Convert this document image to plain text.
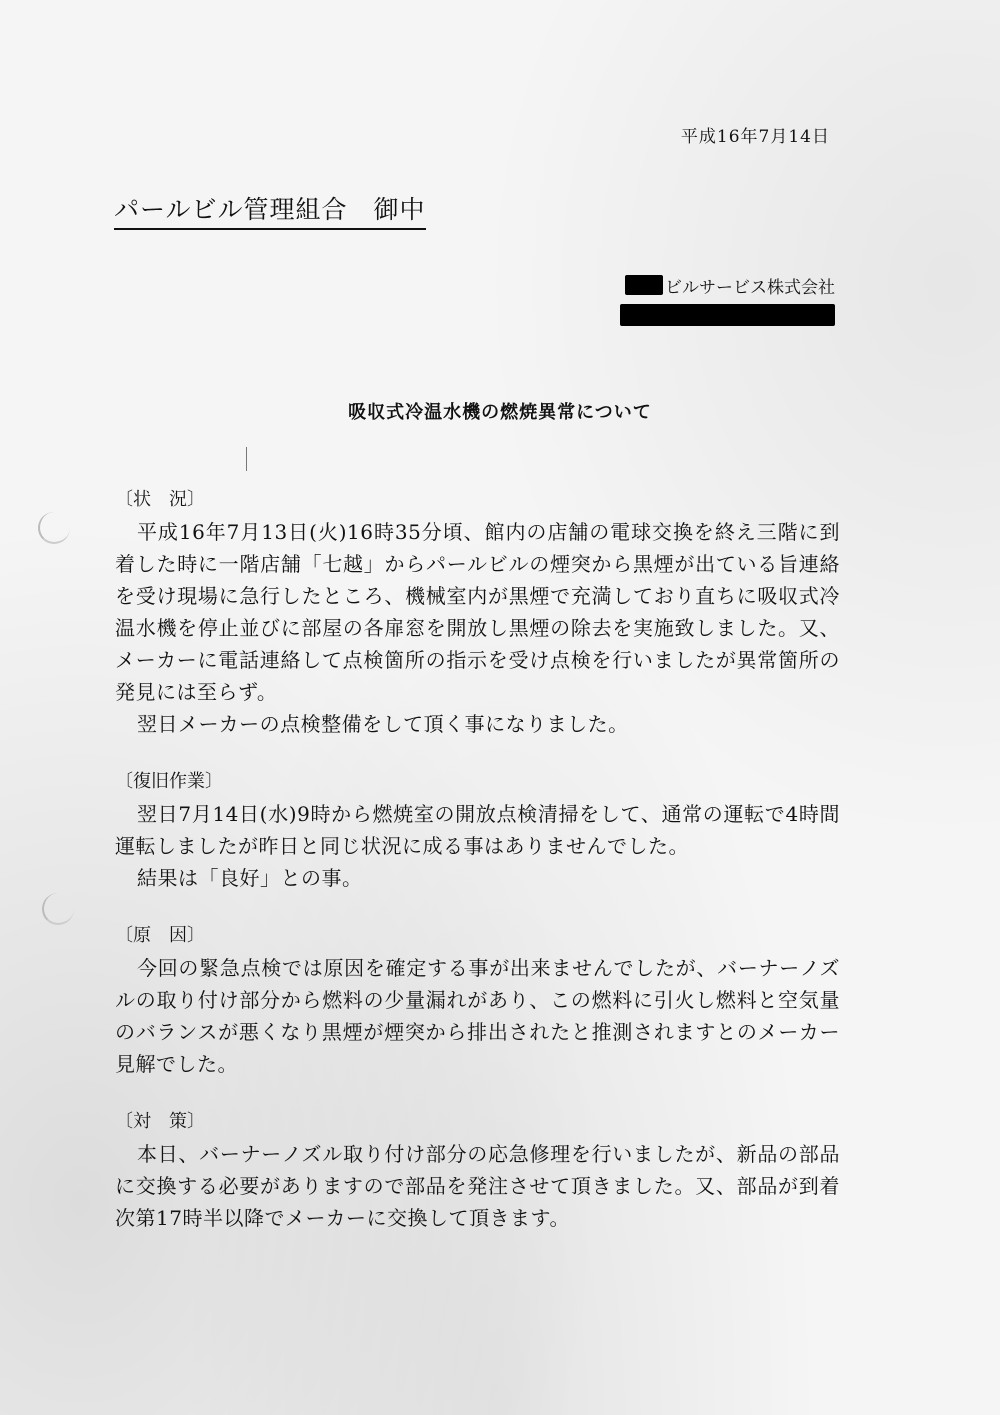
平成16年7月14日
パールビル管理組合　御中
ビルサービス株式会社
吸収式冷温水機の燃焼異常について
〔状　況〕

平成16年7月13日(火)16時35分頃、館内の店舗の電球交換を終え三階に到着した時に一階店舗「七越」からパールビルの煙突から黒煙が出ている旨連絡を受け現場に急行したところ、機械室内が黒煙で充満しており直ちに吸収式冷温水機を停止並びに部屋の各扉窓を開放し黒煙の除去を実施致しました。又、メーカーに電話連絡して点検箇所の指示を受け点検を行いましたが異常箇所の発見には至らず。

翌日メーカーの点検整備をして頂く事になりました。

〔復旧作業〕

翌日7月14日(水)9時から燃焼室の開放点検清掃をして、通常の運転で4時間運転しましたが昨日と同じ状況に成る事はありませんでした。

結果は「良好」との事。

〔原　因〕

今回の緊急点検では原因を確定する事が出来ませんでしたが、バーナーノズルの取り付け部分から燃料の少量漏れがあり、この燃料に引火し燃料と空気量のバランスが悪くなり黒煙が煙突から排出されたと推測されますとのメーカー見解でした。

〔対　策〕

本日、バーナーノズル取り付け部分の応急修理を行いましたが、新品の部品に交換する必要がありますので部品を発注させて頂きました。又、部品が到着次第17時半以降でメーカーに交換して頂きます。
